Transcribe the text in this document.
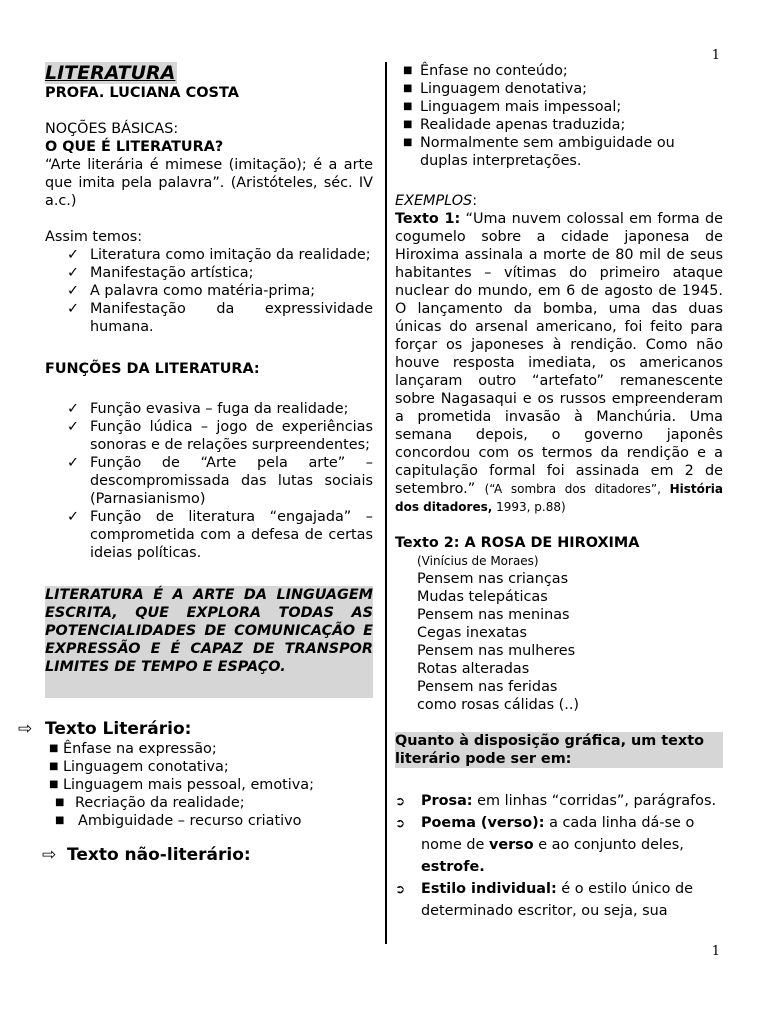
1
LITERATURA

PROFA. LUCIANA COSTA

NOÇÕES BÁSICAS:

O QUE É LITERATURA?

“Arte literária é mimese (imitação); é a arte que imita pela palavra”. (Aristóteles, séc. IV a.c.)

Assim temos:

✓ Literatura como imitação da realidade;
✓ Manifestação artística;
✓ A palavra como matéria-prima;
✓ Manifestação da expressividade humana.

FUNÇÕES DA LITERATURA:

✓ Função evasiva – fuga da realidade;
✓ Função lúdica – jogo de experiências sonoras e de relações surpreendentes;
✓ Função de “Arte pela arte” – descompromissada das lutas sociais (Parnasianismo)
✓ Função de literatura “engajada” – comprometida com a defesa de certas ideias políticas.
LITERATURA É A ARTE DA LINGUAGEM ESCRITA, QUE EXPLORA TODAS AS POTENCIALIDADES DE COMUNICAÇÃO E EXPRESSÃO E É CAPAZ DE TRANSPOR LIMITES DE TEMPO E ESPAÇO.
⇨ Texto Literário:
■ Ênfase na expressão;
■ Linguagem conotativa;
■ Linguagem mais pessoal, emotiva;
■ Recriação da realidade;
■ Ambiguidade – recurso criativo
⇨ Texto não-literário:
■ Ênfase no conteúdo;
■ Linguagem denotativa;
■ Linguagem mais impessoal;
■ Realidade apenas traduzida;
■ Normalmente sem ambiguidade ou duplas interpretações.

EXEMPLOS:

Texto 1: “Uma nuvem colossal em forma de cogumelo sobre a cidade japonesa de Hiroxima assinala a morte de 80 mil de seus habitantes – vítimas do primeiro ataque nuclear do mundo, em 6 de agosto de 1945. O lançamento da bomba, uma das duas únicas do arsenal americano, foi feito para forçar os japoneses à rendição. Como não houve resposta imediata, os americanos lançaram outro “artefato” remanescente sobre Nagasaqui e os russos empreenderam a prometida invasão à Manchúria. Uma semana depois, o governo japonês concordou com os termos da rendição e a capitulação formal foi assinada em 2 de setembro.” (“A sombra dos ditadores”, História dos ditadores, 1993, p.88)

Texto 2: A ROSA DE HIROXIMA

(Vinícius de Moraes)

Pensem nas crianças

Mudas telepáticas

Pensem nas meninas

Cegas inexatas

Pensem nas mulheres

Rotas alteradas

Pensem nas feridas

como rosas cálidas (..)

Quanto à disposição gráfica, um texto literário pode ser em:
➲ Prosa: em linhas “corridas”, parágrafos.
➲ Poema (verso): a cada linha dá-se o nome de verso e ao conjunto deles, estrofe.
➲ Estilo individual: é o estilo único de determinado escritor, ou seja, sua
1
